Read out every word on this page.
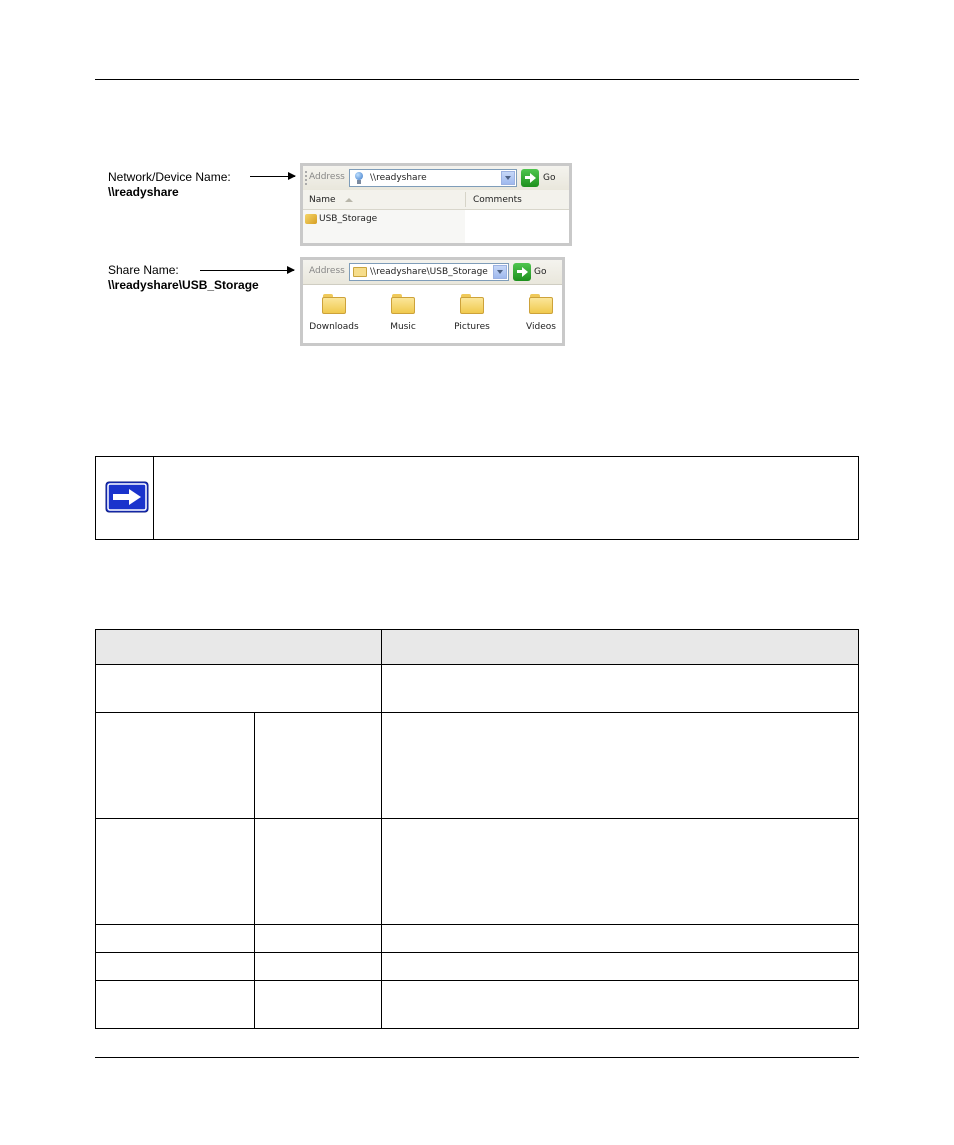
Network/Device Name:
\\readyshare
Address	\\readyshare	Go
Name	Comments
USB_Storage
Share Name:
\\readyshare\USB_Storage
Address	\\readyshare\USB_Storage	Go
Downloads	Music	Pictures	Videos
